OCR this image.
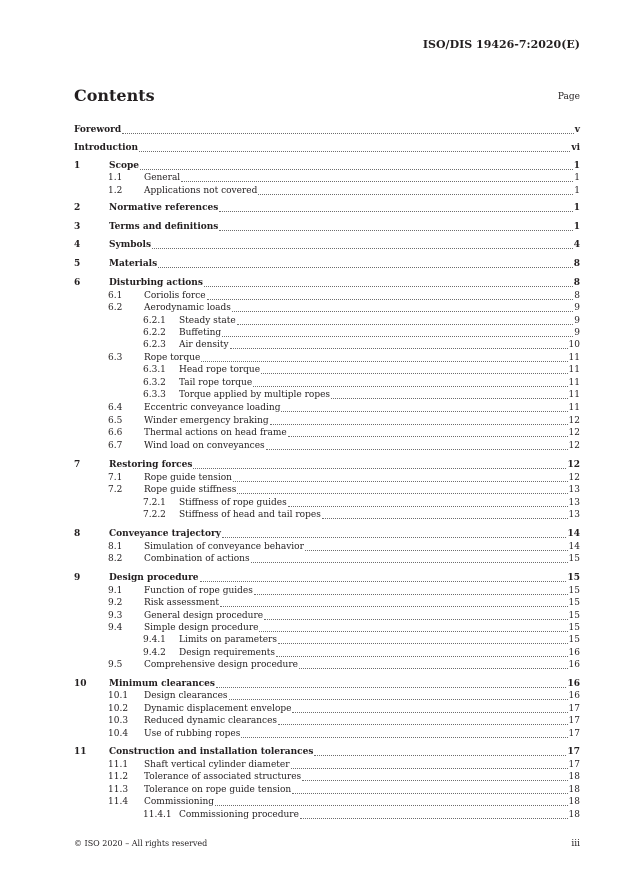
ISO/DIS 19426-7:2020(E)
Contents	Page
Foreword	v
Introduction	vi
1	Scope	1
1.1 General	1
1.2 Applications not covered	1
2	Normative references	1
3	Terms and definitions	1
4	Symbols	4
5	Materials	8
6	Disturbing actions	8
6.1 Coriolis force	8
6.2 Aerodynamic loads	9
6.2.1 Steady state	9
6.2.2 Buffeting	9
6.2.3 Air density	10
6.3 Rope torque	11
6.3.1 Head rope torque	11
6.3.2 Tail rope torque	11
6.3.3 Torque applied by multiple ropes	11
6.4 Eccentric conveyance loading	11
6.5 Winder emergency braking	12
6.6 Thermal actions on head frame	12
6.7 Wind load on conveyances	12
7	Restoring forces	12
7.1 Rope guide tension	12
7.2 Rope guide stiffness	13
7.2.1 Stiffness of rope guides	13
7.2.2 Stiffness of head and tail ropes	13
8	Conveyance trajectory	14
8.1 Simulation of conveyance behavior	14
8.2 Combination of actions	15
9	Design procedure	15
9.1 Function of rope guides	15
9.2 Risk assessment	15
9.3 General design procedure	15
9.4 Simple design procedure	15
9.4.1 Limits on parameters	15
9.4.2 Design requirements	16
9.5 Comprehensive design procedure	16
10 Minimum clearances	16
10.1 Design clearances	16
10.2 Dynamic displacement envelope	17
10.3 Reduced dynamic clearances	17
10.4 Use of rubbing ropes	17
11 Construction and installation tolerances	17
11.1 Shaft vertical cylinder diameter	17
11.2 Tolerance of associated structures	18
11.3 Tolerance on rope guide tension	18
11.4 Commissioning	18
11.4.1 Commissioning procedure	18
© ISO 2020 – All rights reserved	iii
